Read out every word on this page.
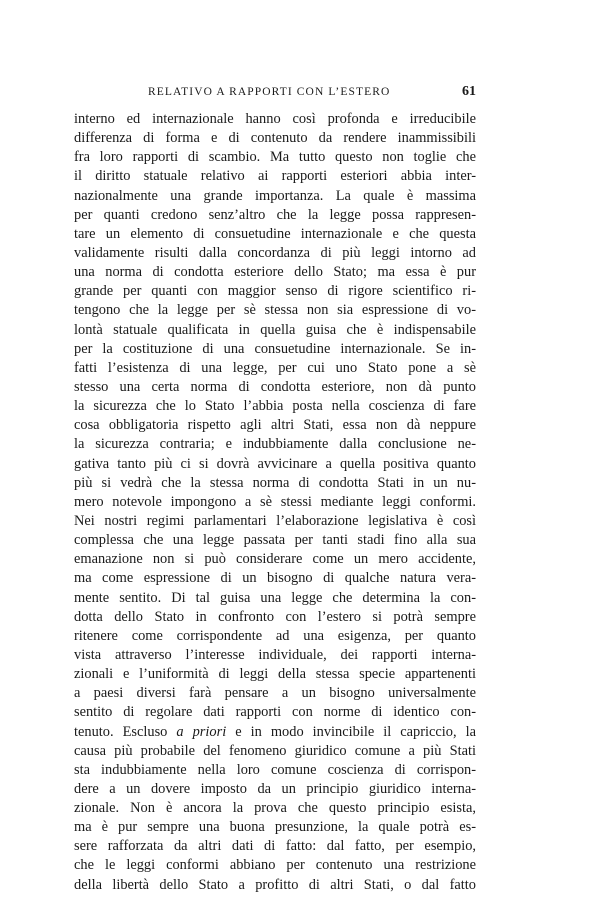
RELATIVO A RAPPORTI CON L’ESTERO	61
interno ed internazionale hanno così profonda e irreducibile
differenza di forma e di contenuto da rendere inammissibili
fra loro rapporti di scambio. Ma tutto questo non toglie che
il diritto statuale relativo ai rapporti esteriori abbia inter-
nazionalmente una grande importanza. La quale è massima
per quanti credono senz’altro che la legge possa rappresen-
tare un elemento di consuetudine internazionale e che questa
validamente risulti dalla concordanza di più leggi intorno ad
una norma di condotta esteriore dello Stato; ma essa è pur
grande per quanti con maggior senso di rigore scientifico ri-
tengono che la legge per sè stessa non sia espressione di vo-
lontà statuale qualificata in quella guisa che è indispensabile
per la costituzione di una consuetudine internazionale. Se in-
fatti l’esistenza di una legge, per cui uno Stato pone a sè
stesso una certa norma di condotta esteriore, non dà punto
la sicurezza che lo Stato l’abbia posta nella coscienza di fare
cosa obbligatoria rispetto agli altri Stati, essa non dà neppure
la sicurezza contraria; e indubbiamente dalla conclusione ne-
gativa tanto più ci si dovrà avvicinare a quella positiva quanto
più si vedrà che la stessa norma di condotta Stati in un nu-
mero notevole impongono a sè stessi mediante leggi conformi.
Nei nostri regimi parlamentari l’elaborazione legislativa è così
complessa che una legge passata per tanti stadi fino alla sua
emanazione non si può considerare come un mero accidente,
ma come espressione di un bisogno di qualche natura vera-
mente sentito. Di tal guisa una legge che determina la con-
dotta dello Stato in confronto con l’estero si potrà sempre
ritenere come corrispondente ad una esigenza, per quanto
vista attraverso l’interesse individuale, dei rapporti interna-
zionali e l’uniformità di leggi della stessa specie appartenenti
a paesi diversi farà pensare a un bisogno universalmente
sentito di regolare dati rapporti con norme di identico con-
tenuto. Escluso a priori e in modo invincibile il capriccio, la
causa più probabile del fenomeno giuridico comune a più Stati
sta indubbiamente nella loro comune coscienza di corrispon-
dere a un dovere imposto da un principio giuridico interna-
zionale. Non è ancora la prova che questo principio esista,
ma è pur sempre una buona presunzione, la quale potrà es-
sere rafforzata da altri dati di fatto: dal fatto, per esempio,
che le leggi conformi abbiano per contenuto una restrizione
della libertà dello Stato a profitto di altri Stati, o dal fatto
